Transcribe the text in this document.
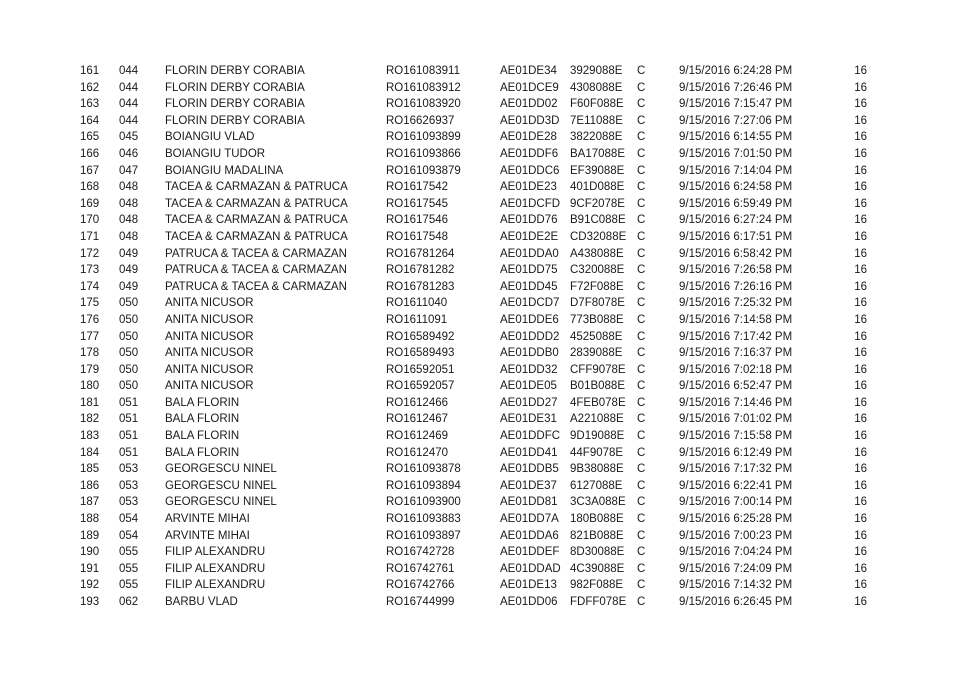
161 044 FLORIN DERBY CORABIA	RO161083911	AE01DE34 3929088E C	9/15/2016 6:24:28 PM	16
162 044 FLORIN DERBY CORABIA	RO161083912	AE01DCE9 4308088E C	9/15/2016 7:26:46 PM	16
163 044 FLORIN DERBY CORABIA	RO161083920	AE01DD02 F60F088E C	9/15/2016 7:15:47 PM	16
164 044 FLORIN DERBY CORABIA	RO16626937	AE01DD3D 7E11088E C	9/15/2016 7:27:06 PM	16
165 045 BOIANGIU VLAD	RO161093899	AE01DE28 3822088E C	9/15/2016 6:14:55 PM	16
166 046 BOIANGIU TUDOR	RO161093866	AE01DDF6 BA17088E C	9/15/2016 7:01:50 PM	16
167 047 BOIANGIU MADALINA	RO161093879	AE01DDC6 EF39088E C	9/15/2016 7:14:04 PM	16
168 048 TACEA & CARMAZAN & PATRUCA	RO1617542	AE01DE23 401D088E C	9/15/2016 6:24:58 PM	16
169 048 TACEA & CARMAZAN & PATRUCA	RO1617545	AE01DCFD 9CF2078E C	9/15/2016 6:59:49 PM	16
170 048 TACEA & CARMAZAN & PATRUCA	RO1617546	AE01DD76 B91C088E C	9/15/2016 6:27:24 PM	16
171 048 TACEA & CARMAZAN & PATRUCA	RO1617548	AE01DE2E CD32088E C	9/15/2016 6:17:51 PM	16
172 049 PATRUCA & TACEA & CARMAZAN	RO16781264	AE01DDA0 A438088E C	9/15/2016 6:58:42 PM	16
173 049 PATRUCA & TACEA & CARMAZAN	RO16781282	AE01DD75 C320088E C	9/15/2016 7:26:58 PM	16
174 049 PATRUCA & TACEA & CARMAZAN	RO16781283	AE01DD45 F72F088E C	9/15/2016 7:26:16 PM	16
175 050 ANITA NICUSOR	RO1611040	AE01DCD7 D7F8078E C	9/15/2016 7:25:32 PM	16
176 050 ANITA NICUSOR	RO1611091	AE01DDE6 773B088E C	9/15/2016 7:14:58 PM	16
177 050 ANITA NICUSOR	RO16589492	AE01DDD2 4525088E C	9/15/2016 7:17:42 PM	16
178 050 ANITA NICUSOR	RO16589493	AE01DDB0 2839088E C	9/15/2016 7:16:37 PM	16
179 050 ANITA NICUSOR	RO16592051	AE01DD32 CFF9078E C	9/15/2016 7:02:18 PM	16
180 050 ANITA NICUSOR	RO16592057	AE01DE05 B01B088E C	9/15/2016 6:52:47 PM	16
181 051 BALA FLORIN	RO1612466	AE01DD27 4FEB078E C	9/15/2016 7:14:46 PM	16
182 051 BALA FLORIN	RO1612467	AE01DE31 A221088E C	9/15/2016 7:01:02 PM	16
183 051 BALA FLORIN	RO1612469	AE01DDFC 9D19088E C	9/15/2016 7:15:58 PM	16
184 051 BALA FLORIN	RO1612470	AE01DD41 44F9078E C	9/15/2016 6:12:49 PM	16
185 053 GEORGESCU NINEL	RO161093878	AE01DDB5 9B38088E C	9/15/2016 7:17:32 PM	16
186 053 GEORGESCU NINEL	RO161093894	AE01DE37 6127088E C	9/15/2016 6:22:41 PM	16
187 053 GEORGESCU NINEL	RO161093900	AE01DD81 3C3A088E C	9/15/2016 7:00:14 PM	16
188 054 ARVINTE MIHAI	RO161093883	AE01DD7A 180B088E C	9/15/2016 6:25:28 PM	16
189 054 ARVINTE MIHAI	RO161093897	AE01DDA6 821B088E C	9/15/2016 7:00:23 PM	16
190 055 FILIP ALEXANDRU	RO16742728	AE01DDEF 8D30088E C	9/15/2016 7:04:24 PM	16
191 055 FILIP ALEXANDRU	RO16742761	AE01DDAD 4C39088E C	9/15/2016 7:24:09 PM	16
192 055 FILIP ALEXANDRU	RO16742766	AE01DE13 982F088E C	9/15/2016 7:14:32 PM	16
193 062 BARBU VLAD	RO16744999	AE01DD06 FDFF078E C	9/15/2016 6:26:45 PM	16
